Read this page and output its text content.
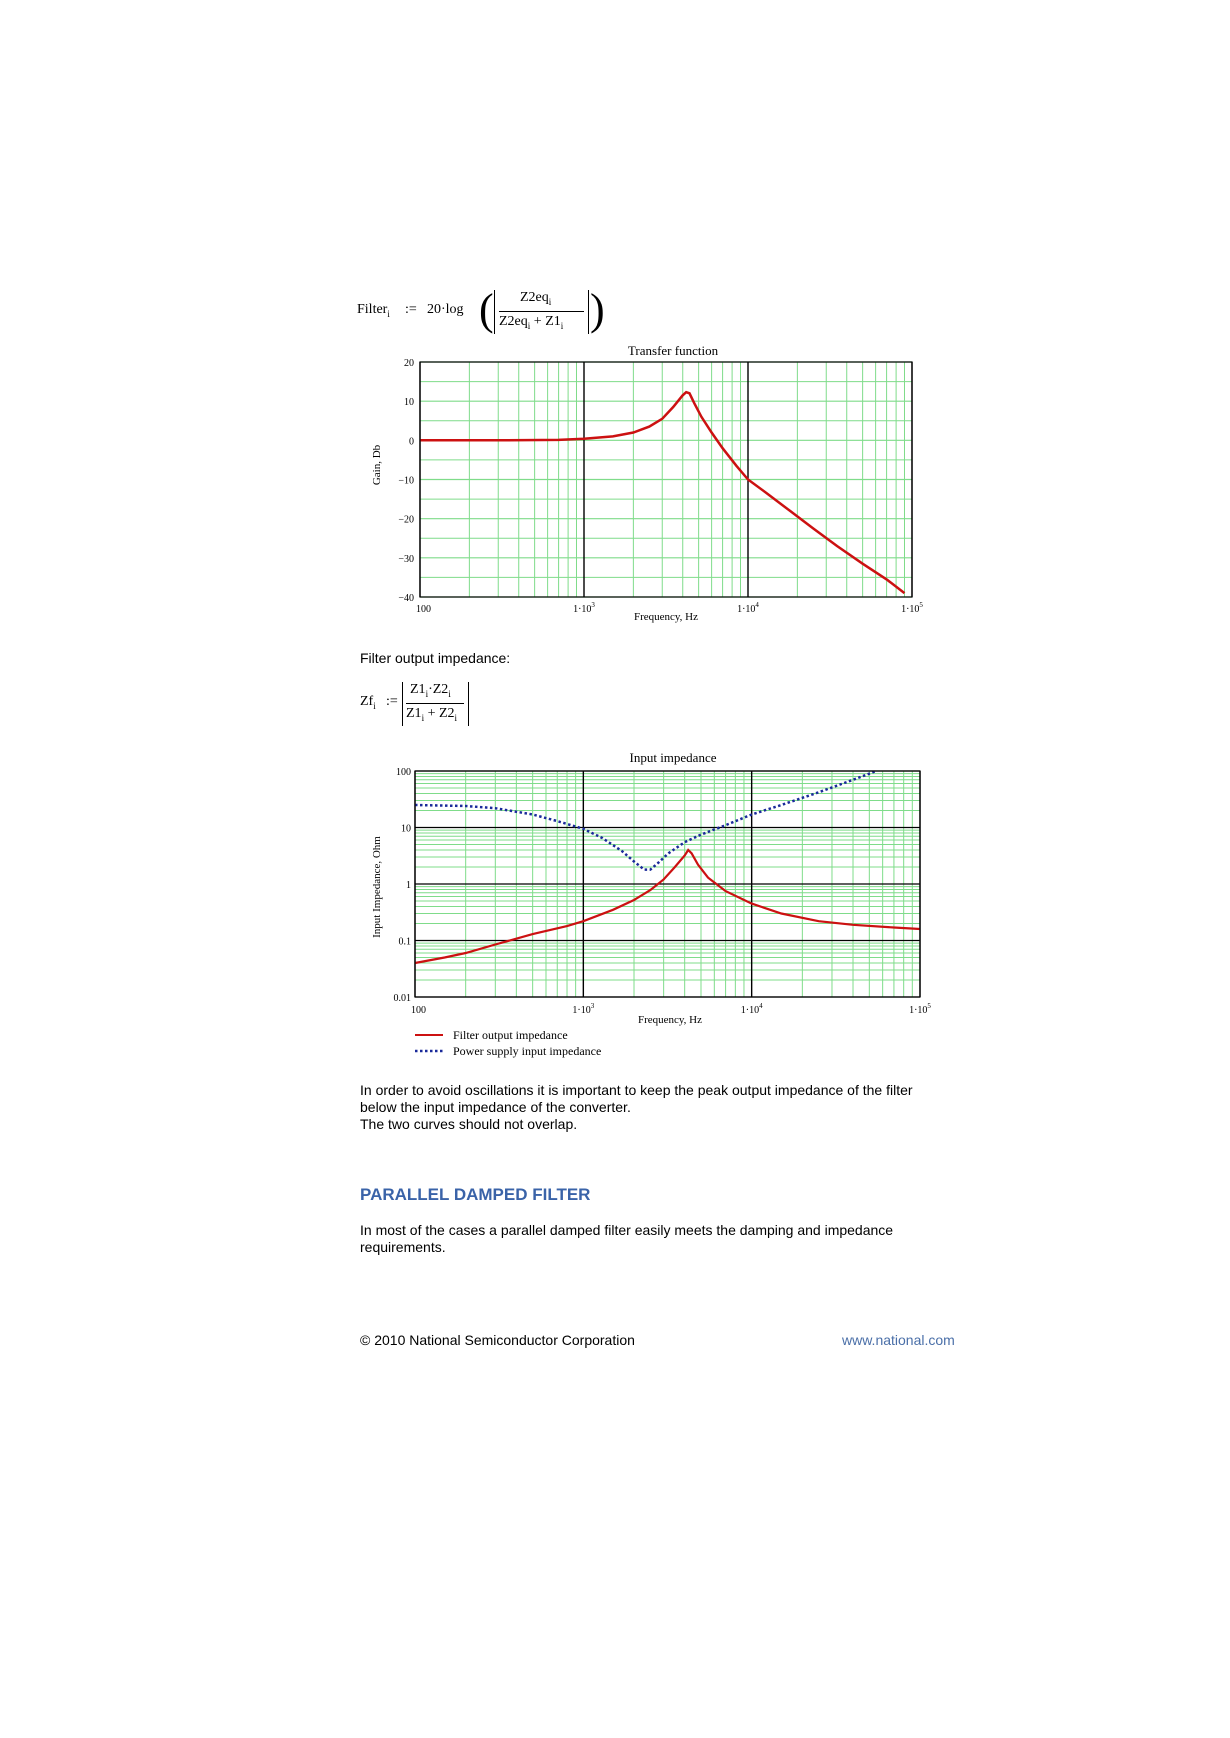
Filter$_i$ := 20·log ( $Z2eq_i$
$Z2eq_i + Z1_i$ )
Transfer function
20
10
0
−10
−20
−30
−40
100	$1\cdot 10^3$	$1\cdot 10^4$	$1\cdot 10^5$
Frequency, Hz
Gain, Db
Filter output impedance:
$Zf_i$ :=
$Z1_i\cdot Z2_i$
$Z1_i + Z2_i$
Input impedance
100
10
1
0.1
0.01
100	$1\cdot 10^3$	$1\cdot 10^4$	$1\cdot 10^5$
Frequency, Hz
Input Impedance, Ohm
Filter output impedance
Power supply input impedance
In order to avoid oscillations it is important to keep the peak output impedance of the filter
below the input impedance of the converter.
The two curves should not overlap.
PARALLEL DAMPED FILTER
In most of the cases a parallel damped filter easily meets the damping and impedance
requirements.
© 2010 National Semiconductor Corporation	www.national.com
